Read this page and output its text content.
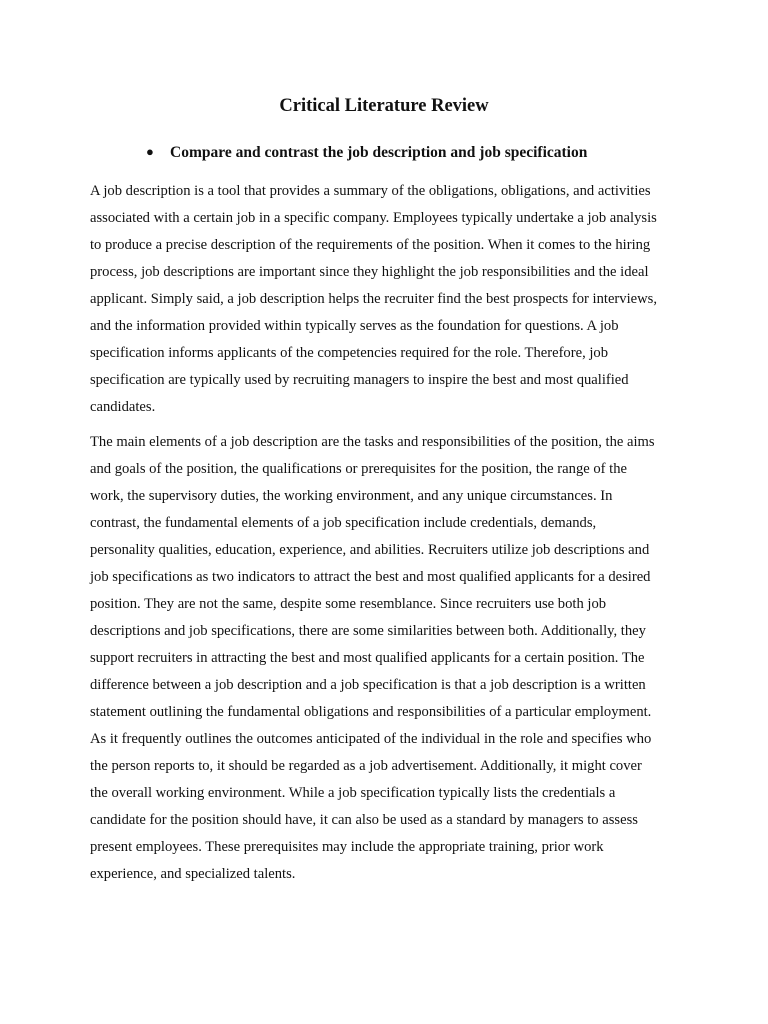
Critical Literature Review
● Compare and contrast the job description and job specification
A job description is a tool that provides a summary of the obligations, obligations, and activities
associated with a certain job in a specific company. Employees typically undertake a job analysis
to produce a precise description of the requirements of the position. When it comes to the hiring
process, job descriptions are important since they highlight the job responsibilities and the ideal
applicant. Simply said, a job description helps the recruiter find the best prospects for interviews,
and the information provided within typically serves as the foundation for questions. A job
specification informs applicants of the competencies required for the role. Therefore, job
specification are typically used by recruiting managers to inspire the best and most qualified
candidates.
The main elements of a job description are the tasks and responsibilities of the position, the aims
and goals of the position, the qualifications or prerequisites for the position, the range of the
work, the supervisory duties, the working environment, and any unique circumstances. In
contrast, the fundamental elements of a job specification include credentials, demands,
personality qualities, education, experience, and abilities. Recruiters utilize job descriptions and
job specifications as two indicators to attract the best and most qualified applicants for a desired
position. They are not the same, despite some resemblance. Since recruiters use both job
descriptions and job specifications, there are some similarities between both. Additionally, they
support recruiters in attracting the best and most qualified applicants for a certain position. The
difference between a job description and a job specification is that a job description is a written
statement outlining the fundamental obligations and responsibilities of a particular employment.
As it frequently outlines the outcomes anticipated of the individual in the role and specifies who
the person reports to, it should be regarded as a job advertisement. Additionally, it might cover
the overall working environment. While a job specification typically lists the credentials a
candidate for the position should have, it can also be used as a standard by managers to assess
present employees. These prerequisites may include the appropriate training, prior work
experience, and specialized talents.
